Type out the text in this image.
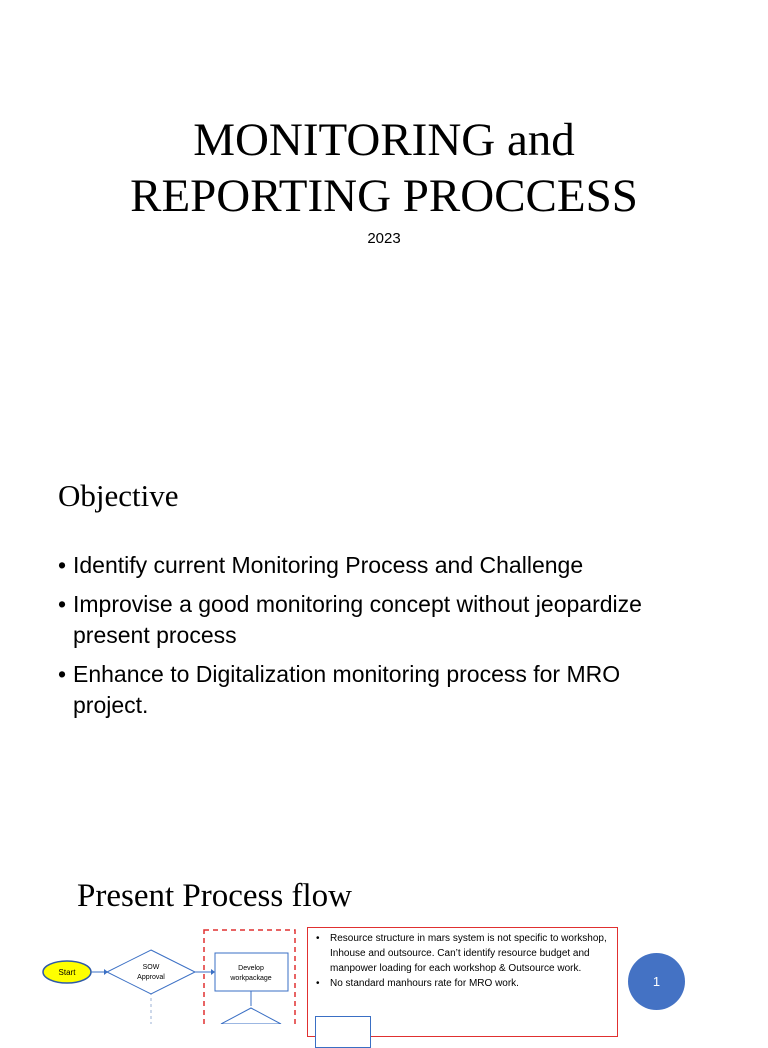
MONITORING and
REPORTING PROCCESS
2023
Objective
• Identify current Monitoring Process and Challenge
• Improvise a good monitoring concept without jeopardize present process
• Enhance to Digitalization monitoring process for MRO project.
Present Process flow
Start
SOW
Approval
Develop
workpackage
• Resource structure in mars system is not specific to workshop, Inhouse and outsource. Can’t identify resource budget and manpower loading for each workshop & Outsource work.
• No standard manhours rate for MRO work.	1
